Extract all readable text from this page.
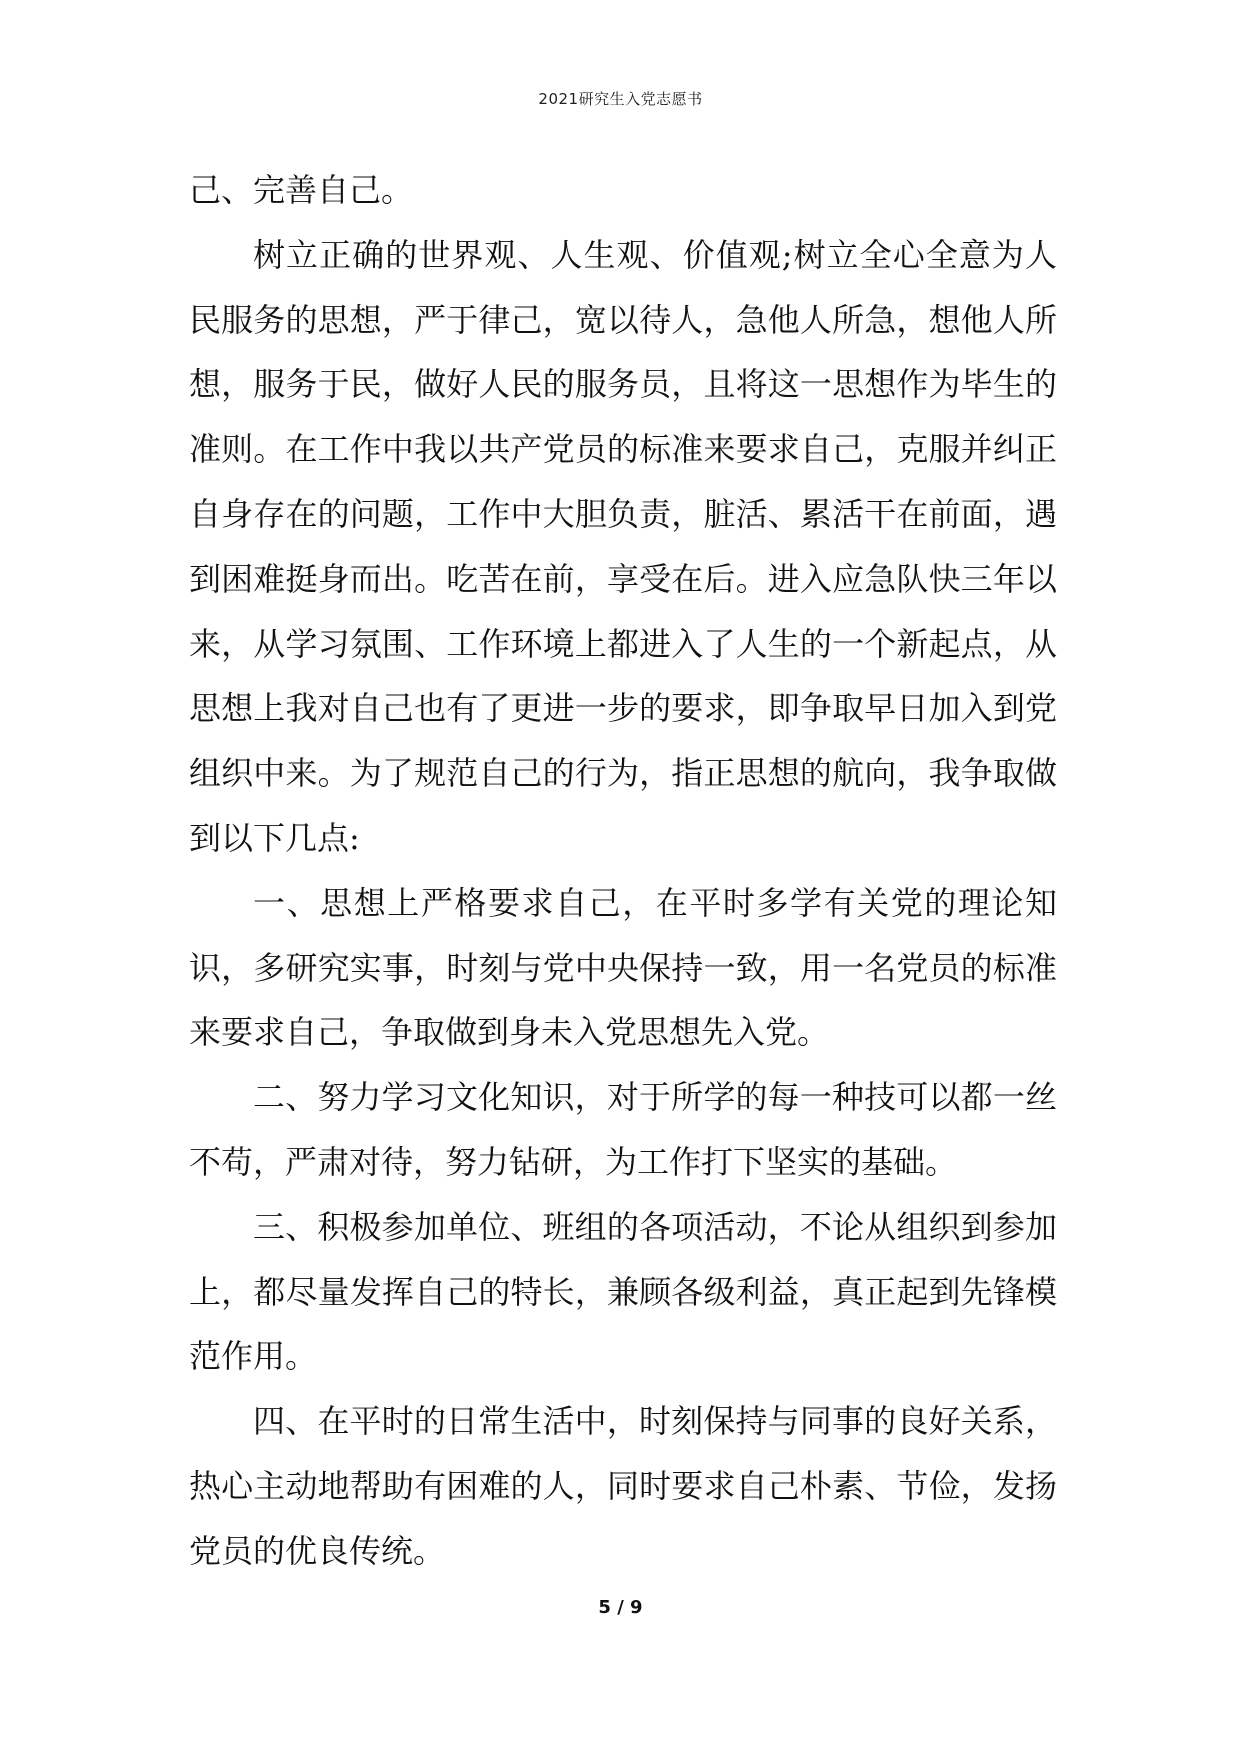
2021研究生入党志愿书

己、完善自己。

树立正确的世界观、人生观、价值观;树立全心全意为人民服务的思想，严于律己，宽以待人，急他人所急，想他人所想，服务于民，做好人民的服务员，且将这一思想作为毕生的准则。在工作中我以共产党员的标准来要求自己，克服并纠正自身存在的问题，工作中大胆负责，脏活、累活干在前面，遇到困难挺身而出。吃苦在前，享受在后。进入应急队快三年以来，从学习氛围、工作环境上都进入了人生的一个新起点，从思想上我对自己也有了更进一步的要求，即争取早日加入到党组织中来。为了规范自己的行为，指正思想的航向，我争取做到以下几点:

一、思想上严格要求自己，在平时多学有关党的理论知识，多研究实事，时刻与党中央保持一致，用一名党员的标准来要求自己，争取做到身未入党思想先入党。

二、努力学习文化知识，对于所学的每一种技可以都一丝不苟，严肃对待，努力钻研，为工作打下坚实的基础。

三、积极参加单位、班组的各项活动，不论从组织到参加上，都尽量发挥自己的特长，兼顾各级利益，真正起到先锋模范作用。

四、在平时的日常生活中，时刻保持与同事的良好关系，热心主动地帮助有困难的人，同时要求自己朴素、节俭，发扬党员的优良传统。

5 / 9
